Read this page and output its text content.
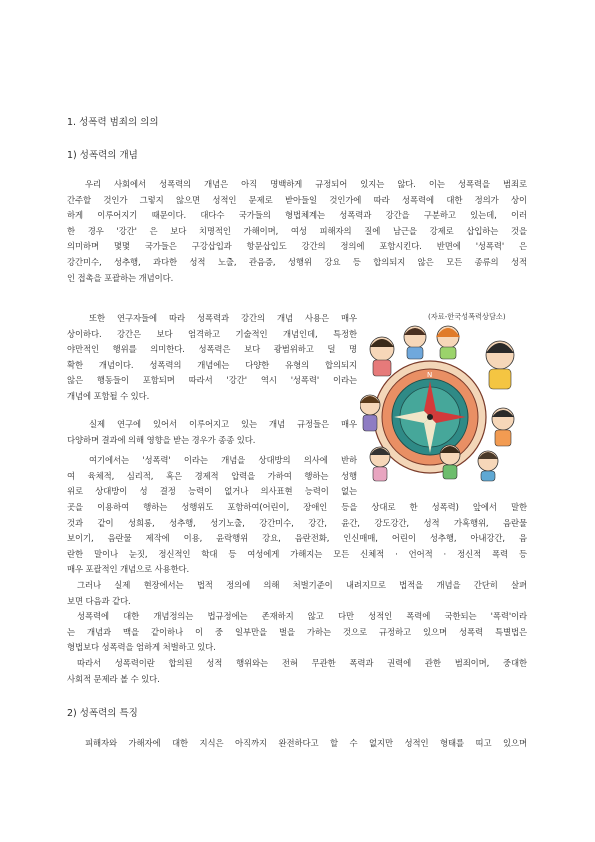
1. 성폭력 범죄의 의의
1) 성폭력의 개념
우리 사회에서 성폭력의 개념은 아직 명백하게 규정되어 있지는 않다. 이는 성폭력을 범죄로
간주할 것인가 그렇지 않으면 성적인 문제로 받아들일 것인가에 따라 성폭력에 대한 정의가 상이
하게 이루어지기 때문이다. 대다수 국가들의 형법체계는 성폭력과 강간을 구분하고 있는데, 이러
한 경우 '강간' 은 보다 치명적인 가해이며, 여성 피해자의 질에 남근을 강제로 삽입하는 것을
의미하며 몇몇 국가들은 구강삽입과 항문삽입도 강간의 정의에 포함시킨다. 반면에 '성폭력' 은
강간미수, 성추행, 과다한 성적 노출, 관음증, 성행위 강요 등 합의되지 않은 모든 종류의 성적
인 접촉을 포괄하는 개념이다.
또한 연구자들에 따라 성폭력과 강간의 개념 사용은 매우
상이하다. 강간은 보다 엄격하고 기술적인 개념인데, 특정한
야만적인 행위를 의미한다. 성폭력은 보다 광범위하고 덜 명
확한 개념이다. 성폭력의 개념에는 다양한 유형의 합의되지
않은 행동들이 포함되며 따라서 '강간' 역시 '성폭력' 이라는
개념에 포함될 수 있다.
실제 연구에 있어서 이루어지고 있는 개념 규정들은 매우
다양하며 결과에 의해 영향을 받는 경우가 종종 있다.
여기에서는 '성폭력' 이라는 개념을 상대방의 의사에 반하
여 육체적, 심리적, 혹은 경제적 압력을 가하여 행하는 성행
위로 상대방이 성 결정 능력이 없거나 의사표현 능력이 없는
곳을 이용하여 행하는 성행위도 포함하여(어린이, 장애인 등을 상대로 한 성폭력) 앞에서 말한
것과 같이 성희롱, 성추행, 성기노출, 강간미수, 강간, 윤간, 강도강간, 성적 가혹행위, 음란물
보이기, 음란물 제작에 이용, 윤락행위 강요, 음란전화, 인신매매, 어린이 성추행, 아내강간, 음
란한 말이나 눈짓, 정신적인 학대 등 여성에게 가해지는 모든 신체적 · 언어적 · 정신적 폭력 등
매우 포괄적인 개념으로 사용한다.
그러나 실제 현장에서는 법적 정의에 의해 처벌기준이 내려지므로 법적을 개념을 간단히 살펴
보면 다음과 같다.
성폭력에 대한 개념정의는 법규정에는 존재하지 않고 다만 성적인 폭력에 국한되는 '폭력'이라
는 개념과 맥을 같이하나 이 중 일부만을 벌을 가하는 것으로 규정하고 있으며 성폭력 특별법은
형법보다 성폭력을 엄하게 처벌하고 있다.
따라서 성폭력이란 합의된 성적 행위와는 전혀 무관한 폭력과 권력에 관한 범죄이며, 중대한
사회적 문제라 볼 수 있다.
2) 성폭력의 특징
피해자와 가해자에 대한 지식은 아직까지 완전하다고 할 수 없지만 성적인 형태를 띠고 있으며
(자료-한국성폭력상담소)
N
